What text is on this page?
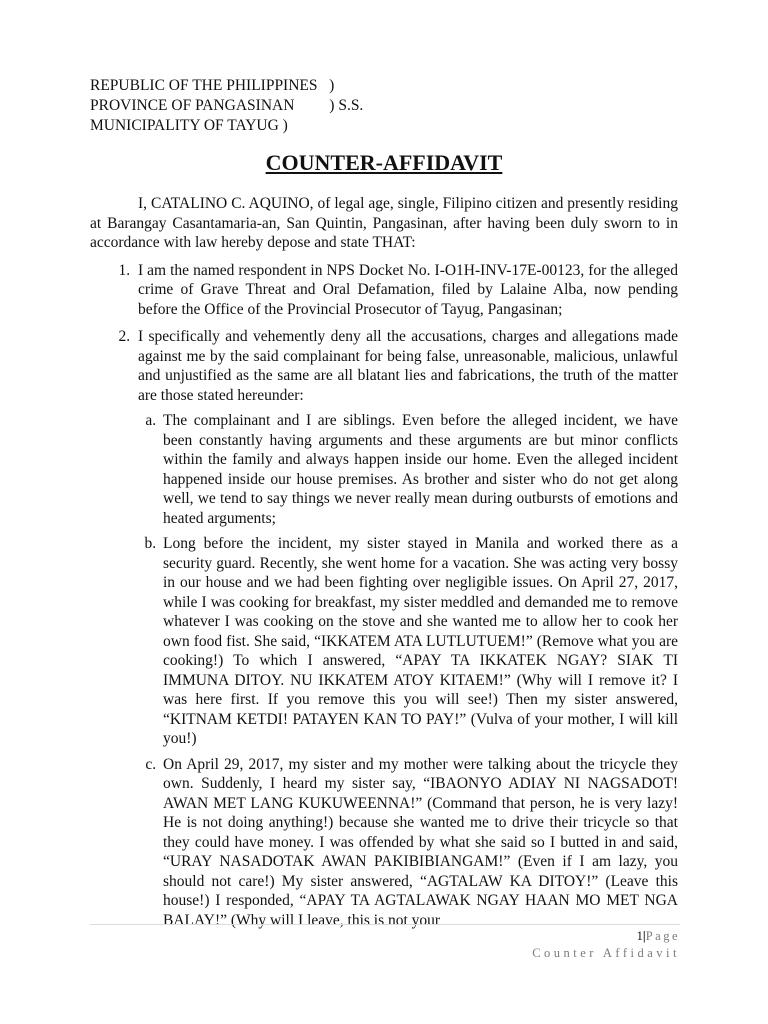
REPUBLIC OF THE PHILIPPINES   )
PROVINCE OF PANGASINAN         ) S.S.
MUNICIPALITY OF TAYUG )
COUNTER-AFFIDAVIT

I, CATALINO C. AQUINO, of legal age, single, Filipino citizen and presently residing at Barangay Casantamaria-an, San Quintin, Pangasinan, after having been duly sworn to in accordance with law hereby depose and state THAT:

1. I am the named respondent in NPS Docket No. I-O1H-INV-17E-00123, for the alleged crime of Grave Threat and Oral Defamation, filed by Lalaine Alba, now pending before the Office of the Provincial Prosecutor of Tayug, Pangasinan;
2. I specifically and vehemently deny all the accusations, charges and allegations made against me by the said complainant for being false, unreasonable, malicious, unlawful and unjustified as the same are all blatant lies and fabrications, the truth of the matter are those stated hereunder:
a. The complainant and I are siblings. Even before the alleged incident, we have been constantly having arguments and these arguments are but minor conflicts within the family and always happen inside our home. Even the alleged incident happened inside our house premises. As brother and sister who do not get along well, we tend to say things we never really mean during outbursts of emotions and heated arguments;
b. Long before the incident, my sister stayed in Manila and worked there as a security guard. Recently, she went home for a vacation. She was acting very bossy in our house and we had been fighting over negligible issues. On April 27, 2017, while I was cooking for breakfast, my sister meddled and demanded me to remove whatever I was cooking on the stove and she wanted me to allow her to cook her own food fist. She said, “IKKATEM ATA LUTLUTUEM!” (Remove what you are cooking!) To which I answered, “APAY TA IKKATEK NGAY? SIAK TI IMMUNA DITOY. NU IKKATEM ATOY KITAEM!” (Why will I remove it? I was here first. If you remove this you will see!) Then my sister answered, “KITNAM KETDI! PATAYEN KAN TO PAY!” (Vulva of your mother, I will kill you!)
c. On April 29, 2017, my sister and my mother were talking about the tricycle they own. Suddenly, I heard my sister say, “IBAONYO ADIAY NI NAGSADOT! AWAN MET LANG KUKUWEENNA!” (Command that person, he is very lazy! He is not doing anything!) because she wanted me to drive their tricycle so that they could have money. I was offended by what she said so I butted in and said, “URAY NASADOTAK AWAN PAKIBIBIANGAM!” (Even if I am lazy, you should not care!) My sister answered, “AGTALAW KA DITOY!” (Leave this house!) I responded, “APAY TA AGTALAWAK NGAY HAAN MO MET NGA BALAY!” (Why will I leave, this is not your
1|Page
Counter Affidavit
